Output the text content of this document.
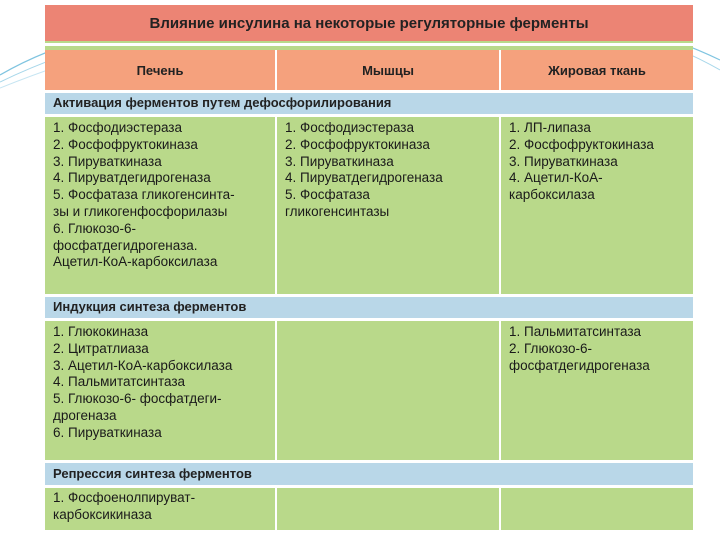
Влияние инсулина на некоторые регуляторные ферменты
Печень	Мышцы	Жировая ткань
Активация ферментов путем дефосфорилирования
1. Фосфодиэстераза
2. Фосфофруктокиназа
3. Пируваткиназа
4. Пируватдегидрогеназа
5. Фосфатаза гликогенсинта-
зы и гликогенфосфорилазы
6. Глюкозо-6-
фосфатдегидрогеназа.
Ацетил-КоА-карбоксилаза
1. Фосфодиэстераза
2. Фосфофруктокиназа
3. Пируваткиназа
4. Пируватдегидрогеназа
5. Фосфатаза
гликогенсинтазы
1. ЛП-липаза
2. Фосфофруктокиназа
3. Пируваткиназа
4. Ацетил-КоА-
карбоксилаза
Индукция синтеза ферментов
1. Глюкокиназа
2. Цитратлиаза
3. Ацетил-КоА-карбоксилаза
4. Пальмитатсинтаза
5. Глюкозо-6- фосфатдеги-
дрогеназа
6. Пируваткиназа
1. Пальмитатсинтаза
2. Глюкозо-6-
фосфатдегидрогеназа
Репрессия синтеза ферментов
1. Фосфоенолпируват-
карбоксикиназа
